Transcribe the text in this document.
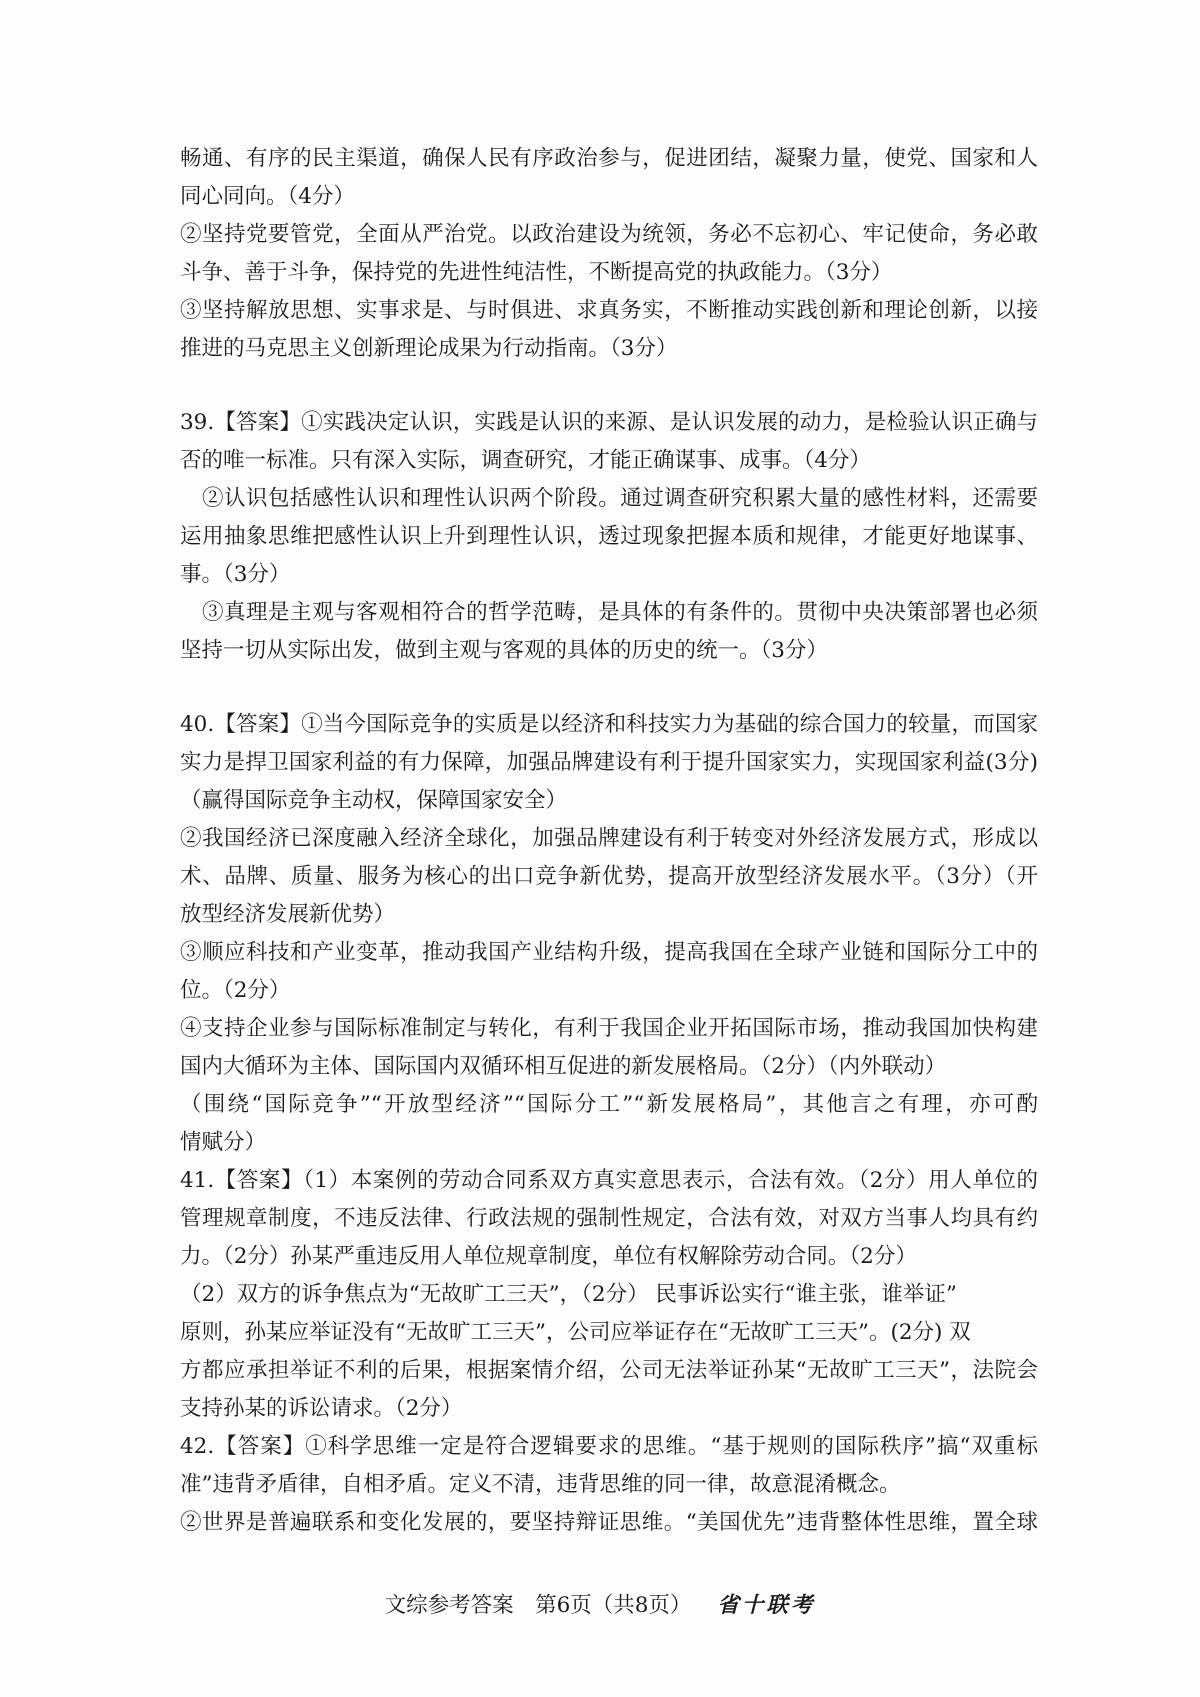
畅通、有序的民主渠道，确保人民有序政治参与，促进团结，凝聚力量，使党、国家和人
同心同向。（4分）
②坚持党要管党，全面从严治党。以政治建设为统领，务必不忘初心、牢记使命，务必敢
斗争、善于斗争，保持党的先进性纯洁性，不断提高党的执政能力。（3分）
③坚持解放思想、实事求是、与时俱进、求真务实，不断推动实践创新和理论创新，以接
推进的马克思主义创新理论成果为行动指南。（3分）
39.【答案】①实践决定认识，实践是认识的来源、是认识发展的动力，是检验认识正确与
否的唯一标准。只有深入实际，调查研究，才能正确谋事、成事。（4分）
②认识包括感性认识和理性认识两个阶段。通过调查研究积累大量的感性材料，还需要
运用抽象思维把感性认识上升到理性认识，透过现象把握本质和规律，才能更好地谋事、
事。（3分）
③真理是主观与客观相符合的哲学范畴，是具体的有条件的。贯彻中央决策部署也必须
坚持一切从实际出发，做到主观与客观的具体的历史的统一。（3分）
40.【答案】①当今国际竞争的实质是以经济和科技实力为基础的综合国力的较量，而国家
实力是捍卫国家利益的有力保障，加强品牌建设有利于提升国家实力，实现国家利益(3分)
（赢得国际竞争主动权，保障国家安全）
②我国经济已深度融入经济全球化，加强品牌建设有利于转变对外经济发展方式，形成以
术、品牌、质量、服务为核心的出口竞争新优势，提高开放型经济发展水平。（3分）（开
放型经济发展新优势）
③顺应科技和产业变革，推动我国产业结构升级，提高我国在全球产业链和国际分工中的
位。（2分）
④支持企业参与国际标准制定与转化，有利于我国企业开拓国际市场，推动我国加快构建
国内大循环为主体、国际国内双循环相互促进的新发展格局。（2分）（内外联动）
（围绕“国际竞争”“开放型经济”“国际分工”“新发展格局”，其他言之有理，亦可酌
情赋分）
41.【答案】（1）本案例的劳动合同系双方真实意思表示，合法有效。（2分）用人单位的
管理规章制度，不违反法律、行政法规的强制性规定，合法有效，对双方当事人均具有约
力。（2分）孙某严重违反用人单位规章制度，单位有权解除劳动合同。（2分）
（2）双方的诉争焦点为“无故旷工三天”，（2分） 民事诉讼实行“谁主张，谁举证”
原则，孙某应举证没有“无故旷工三天”，公司应举证存在“无故旷工三天”。(2分) 双
方都应承担举证不利的后果，根据案情介绍，公司无法举证孙某“无故旷工三天”，法院会
支持孙某的诉讼请求。（2分）
42.【答案】①科学思维一定是符合逻辑要求的思维。“基于规则的国际秩序”搞“双重标
准”违背矛盾律，自相矛盾。定义不清，违背思维的同一律，故意混淆概念。
②世界是普遍联系和变化发展的，要坚持辩证思维。“美国优先”违背整体性思维，置全球
文综参考答案　第6页（共8页） 省十联考
